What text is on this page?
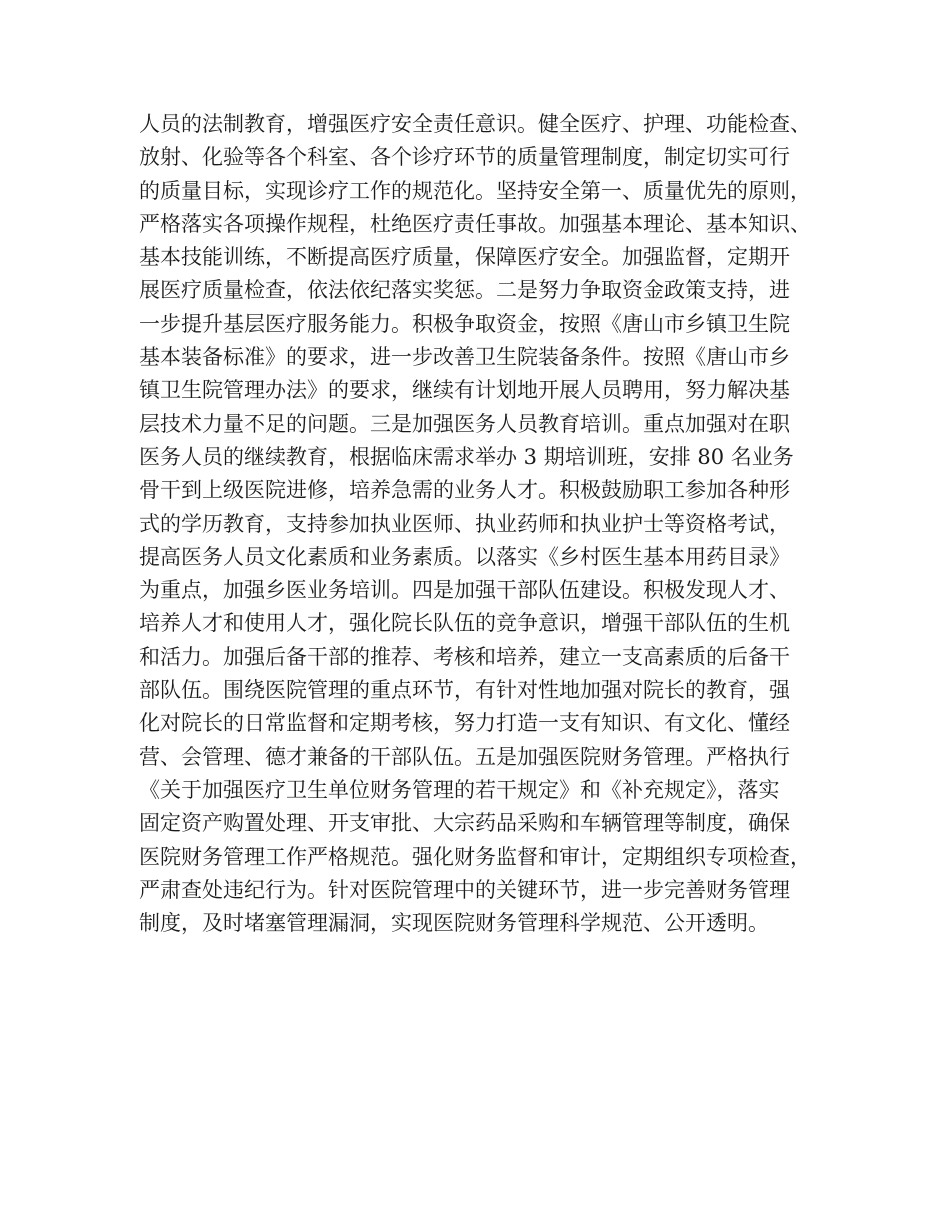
人员的法制教育，增强医疗安全责任意识。健全医疗、护理、功能检查、
放射、化验等各个科室、各个诊疗环节的质量管理制度，制定切实可行
的质量目标，实现诊疗工作的规范化。坚持安全第一、质量优先的原则，
严格落实各项操作规程，杜绝医疗责任事故。加强基本理论、基本知识、
基本技能训练，不断提高医疗质量，保障医疗安全。加强监督，定期开
展医疗质量检查，依法依纪落实奖惩。二是努力争取资金政策支持，进
一步提升基层医疗服务能力。积极争取资金，按照《唐山市乡镇卫生院
基本装备标准》的要求，进一步改善卫生院装备条件。按照《唐山市乡
镇卫生院管理办法》的要求，继续有计划地开展人员聘用，努力解决基
层技术力量不足的问题。三是加强医务人员教育培训。重点加强对在职
医务人员的继续教育，根据临床需求举办 3 期培训班，安排 80 名业务
骨干到上级医院进修，培养急需的业务人才。积极鼓励职工参加各种形
式的学历教育，支持参加执业医师、执业药师和执业护士等资格考试，
提高医务人员文化素质和业务素质。以落实《乡村医生基本用药目录》
为重点，加强乡医业务培训。四是加强干部队伍建设。积极发现人才、
培养人才和使用人才，强化院长队伍的竞争意识，增强干部队伍的生机
和活力。加强后备干部的推荐、考核和培养，建立一支高素质的后备干
部队伍。围绕医院管理的重点环节，有针对性地加强对院长的教育，强
化对院长的日常监督和定期考核，努力打造一支有知识、有文化、懂经
营、会管理、德才兼备的干部队伍。五是加强医院财务管理。严格执行
《关于加强医疗卫生单位财务管理的若干规定》和《补充规定》，落实
固定资产购置处理、开支审批、大宗药品采购和车辆管理等制度，确保
医院财务管理工作严格规范。强化财务监督和审计，定期组织专项检查，
严肃查处违纪行为。针对医院管理中的关键环节，进一步完善财务管理
制度，及时堵塞管理漏洞，实现医院财务管理科学规范、公开透明。
